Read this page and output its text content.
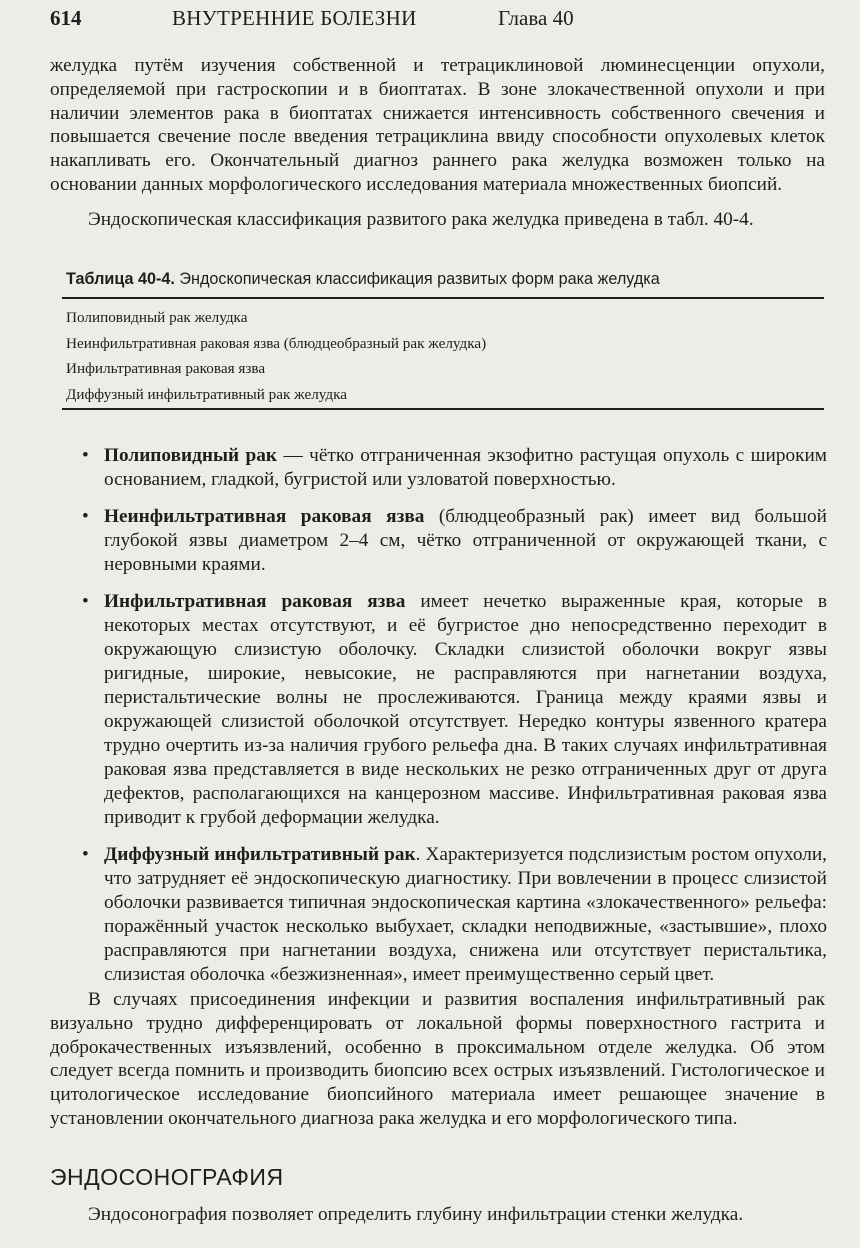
614	ВНУТРЕННИЕ БОЛЕЗНИ	Глава 40

желудка путём изучения собственной и тетрациклиновой люминесценции опухоли, определяемой при гастроскопии и в биоптатах. В зоне злокачественной опухоли и при наличии элементов рака в биоптатах снижается интенсивность собственного свечения и повышается свечение после введения тетрациклина ввиду способности опухолевых клеток накапливать его. Окончательный диагноз раннего рака желудка возможен только на основании данных морфологического исследования материала множественных биопсий.

Эндоскопическая классификация развитого рака желудка приведена в табл. 40-4.

Таблица 40-4. Эндоскопическая классификация развитых форм рака желудка
Полиповидный рак желудка
Неинфильтративная раковая язва (блюдцеобразный рак желудка)
Инфильтративная раковая язва
Диффузный инфильтративный рак желудка
• Полиповидный рак — чётко отграниченная экзофитно растущая опухоль с широким основанием, гладкой, бугристой или узловатой поверхностью.
• Неинфильтративная раковая язва (блюдцеобразный рак) имеет вид большой глубокой язвы диаметром 2–4 см, чётко отграниченной от окружающей ткани, с неровными краями.
• Инфильтративная раковая язва имеет нечетко выраженные края, которые в некоторых местах отсутствуют, и её бугристое дно непосредственно переходит в окружающую слизистую оболочку. Складки слизистой оболочки вокруг язвы ригидные, широкие, невысокие, не расправляются при нагнетании воздуха, перистальтические волны не прослеживаются. Граница между краями язвы и окружающей слизистой оболочкой отсутствует. Нередко контуры язвенного кратера трудно очертить из-за наличия грубого рельефа дна. В таких случаях инфильтративная раковая язва представляется в виде нескольких не резко отграниченных друг от друга дефектов, располагающихся на канцерозном массиве. Инфильтративная раковая язва приводит к грубой деформации желудка.
• Диффузный инфильтративный рак. Характеризуется подслизистым ростом опухоли, что затрудняет её эндоскопическую диагностику. При вовлечении в процесс слизистой оболочки развивается типичная эндоскопическая картина «злокачественного» рельефа: поражённый участок несколько выбухает, складки неподвижные, «застывшие», плохо расправляются при нагнетании воздуха, снижена или отсутствует перистальтика, слизистая оболочка «безжизненная», имеет преимущественно серый цвет.

В случаях присоединения инфекции и развития воспаления инфильтративный рак визуально трудно дифференцировать от локальной формы поверхностного гастрита и доброкачественных изъязвлений, особенно в проксимальном отделе желудка. Об этом следует всегда помнить и производить биопсию всех острых изъязвлений. Гистологическое и цитологическое исследование биопсийного материала имеет решающее значение в установлении окончательного диагноза рака желудка и его морфологического типа.

ЭНДОСОНОГРАФИЯ

Эндосонография позволяет определить глубину инфильтрации стенки желудка.
